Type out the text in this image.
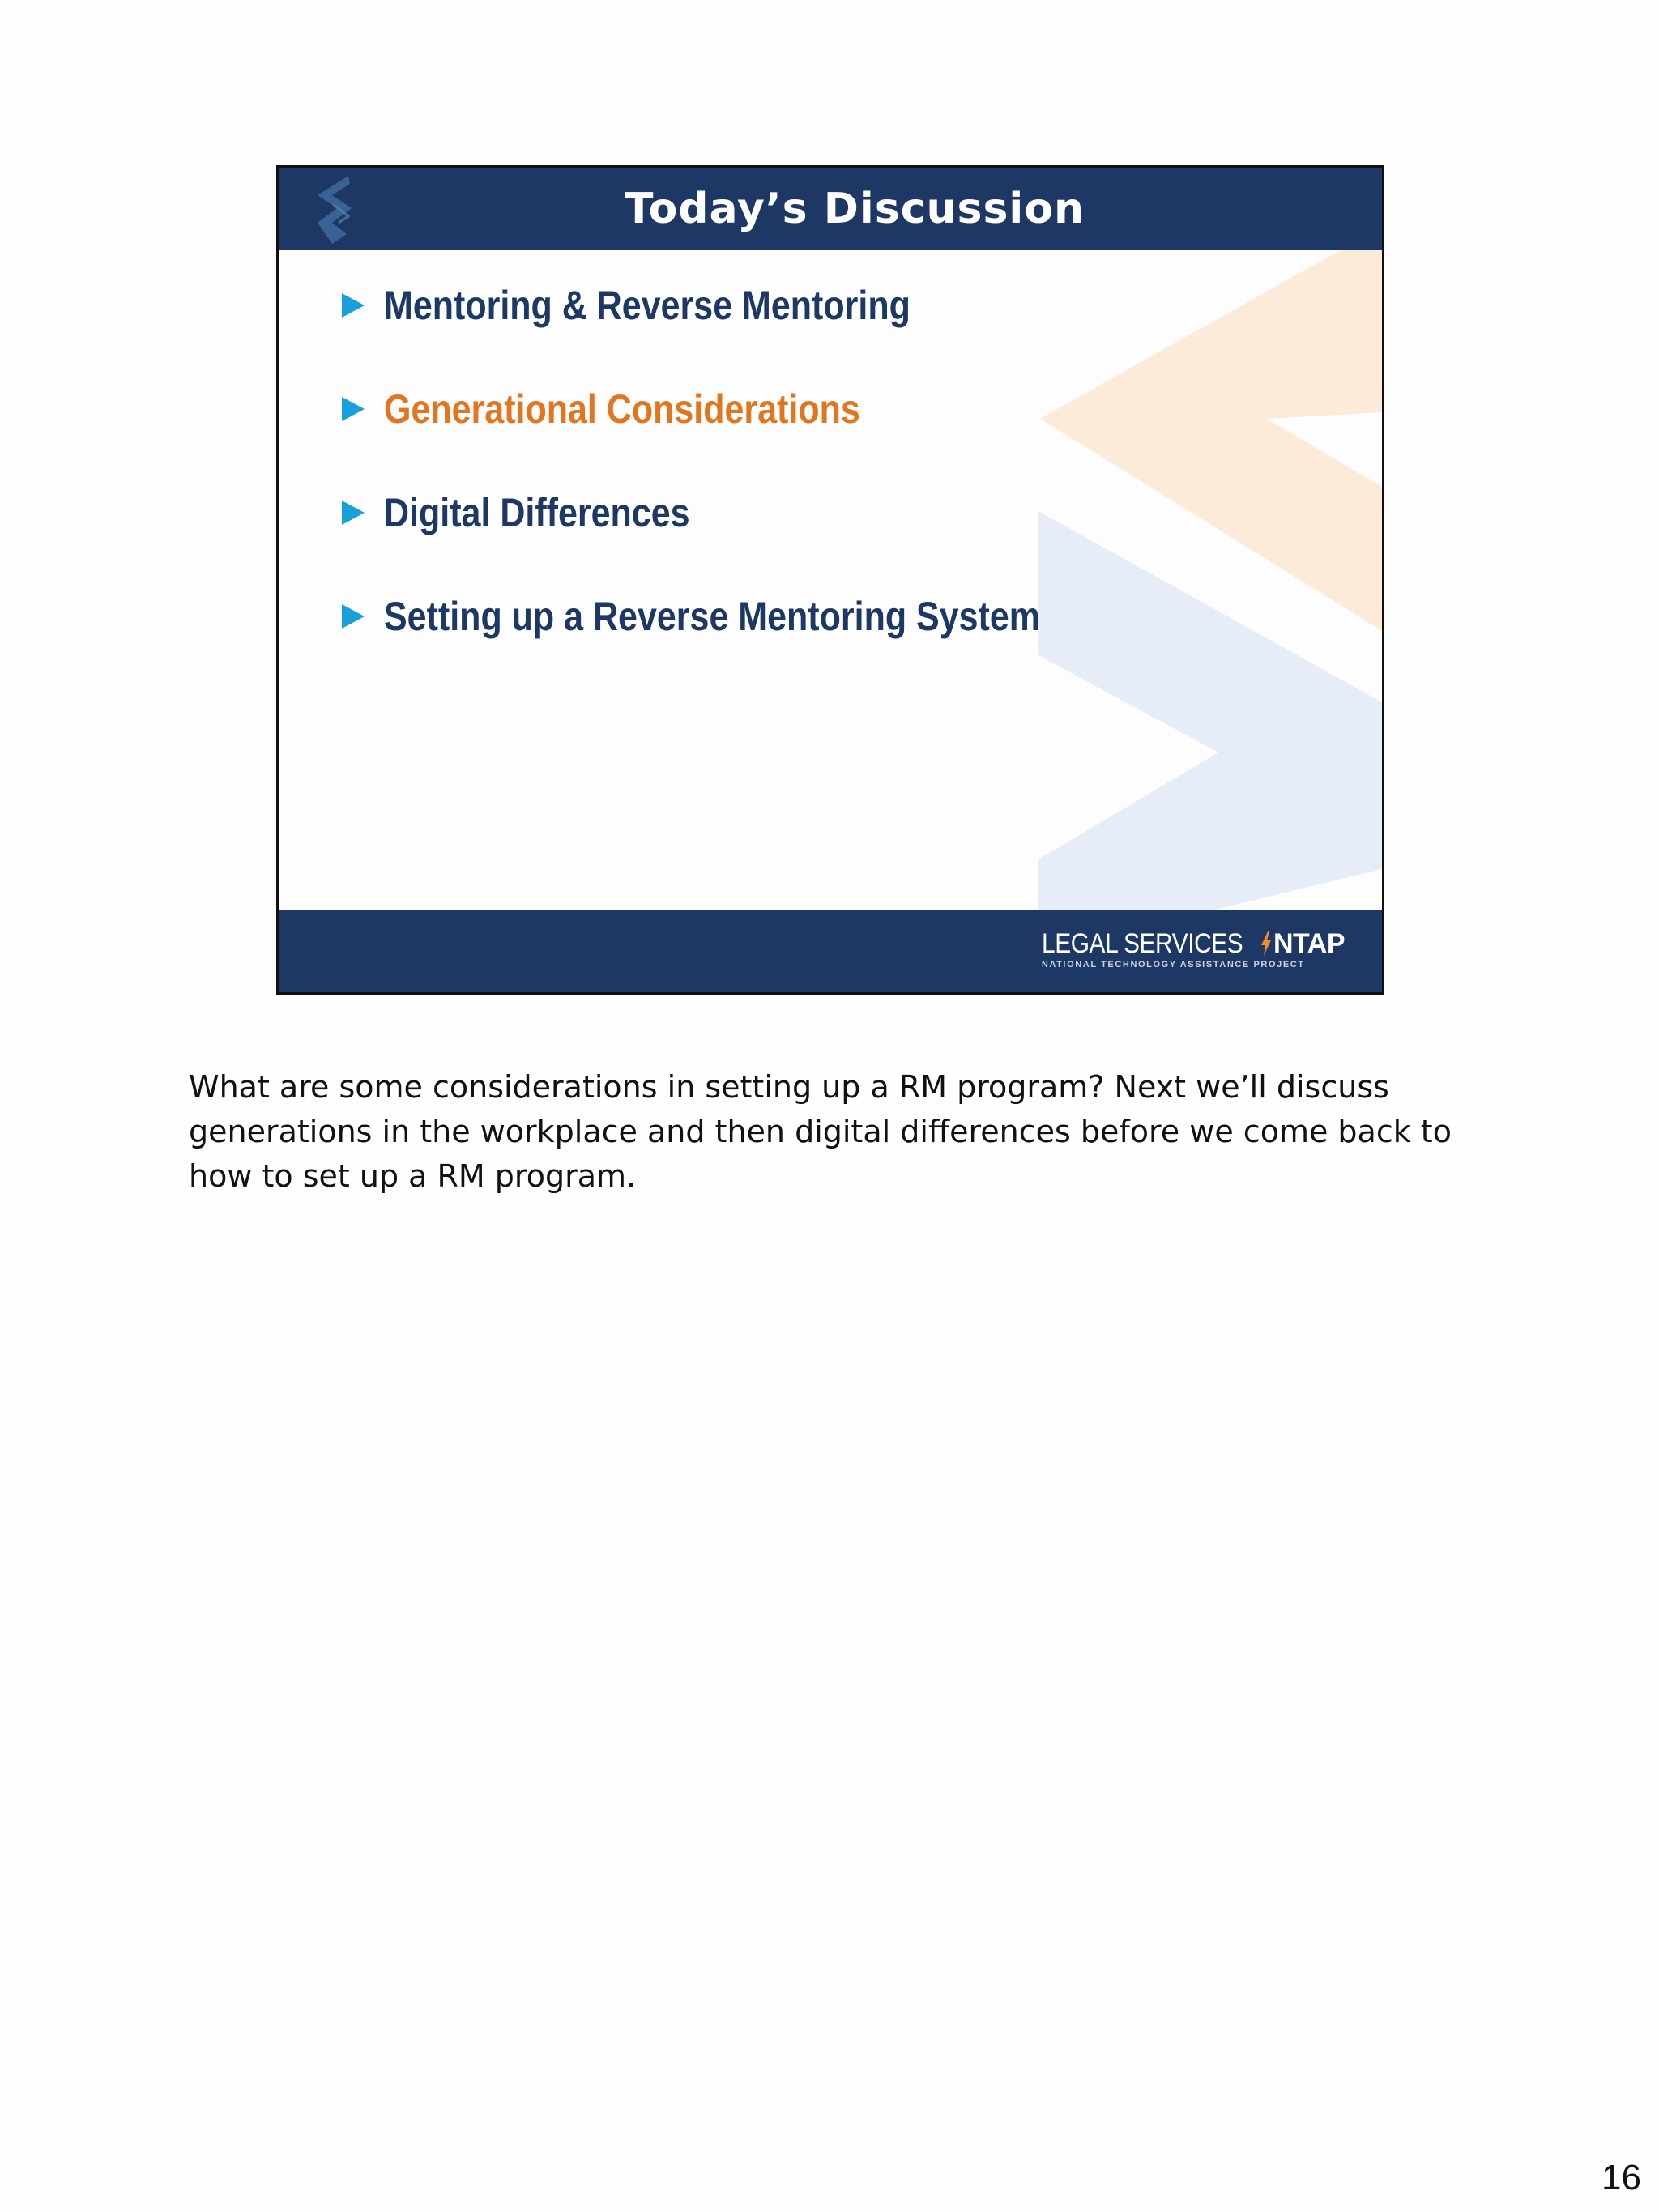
Today’s Discussion
Mentoring & Reverse Mentoring
Generational Considerations
Digital Differences
Setting up a Reverse Mentoring System
LEGAL SERVICES NTAP
NATIONAL TECHNOLOGY ASSISTANCE PROJECT

What are some considerations in setting up a RM program? Next we’ll discuss generations in the workplace and then digital differences before we come back to how to set up a RM program.

16
